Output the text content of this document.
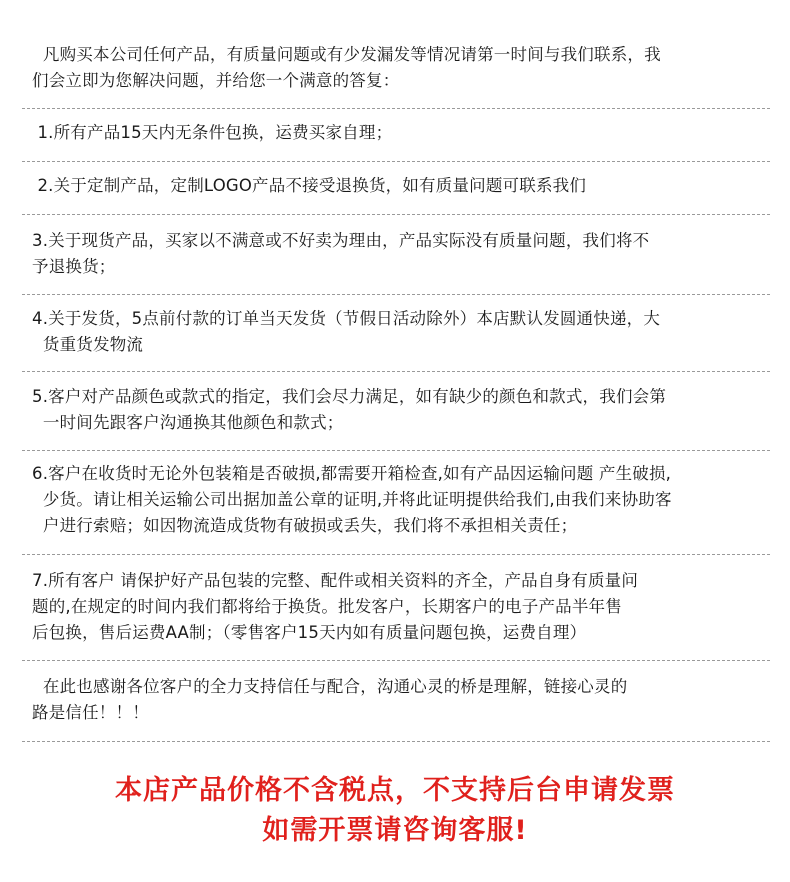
凡购买本公司任何产品，有质量问题或有少发漏发等情况请第一时间与我们联系，我

们会立即为您解决问题，并给您一个满意的答复：

1.所有产品15天内无条件包换，运费买家自理；

2.关于定制产品，定制LOGO产品不接受退换货，如有质量问题可联系我们

3.关于现货产品，买家以不满意或不好卖为理由，产品实际没有质量问题，我们将不

予退换货；

4.关于发货，5点前付款的订单当天发货（节假日活动除外）本店默认发圆通快递，大

货重货发物流

5.客户对产品颜色或款式的指定，我们会尽力满足，如有缺少的颜色和款式，我们会第

一时间先跟客户沟通换其他颜色和款式；

6.客户在收货时无论外包装箱是否破损,都需要开箱检查,如有产品因运输问题 产生破损,

少货。请让相关运输公司出据加盖公章的证明,并将此证明提供给我们,由我们来协助客

户进行索赔；如因物流造成货物有破损或丢失，我们将不承担相关责任；

7.所有客户 请保护好产品包装的完整、配件或相关资料的齐全，产品自身有质量问

题的,在规定的时间内我们都将给于换货。批发客户，长期客户的电子产品半年售

后包换，售后运费AA制；（零售客户15天内如有质量问题包换，运费自理）

在此也感谢各位客户的全力支持信任与配合，沟通心灵的桥是理解，链接心灵的

路是信任！！！

本店产品价格不含税点，不支持后台申请发票
如需开票请咨询客服!
